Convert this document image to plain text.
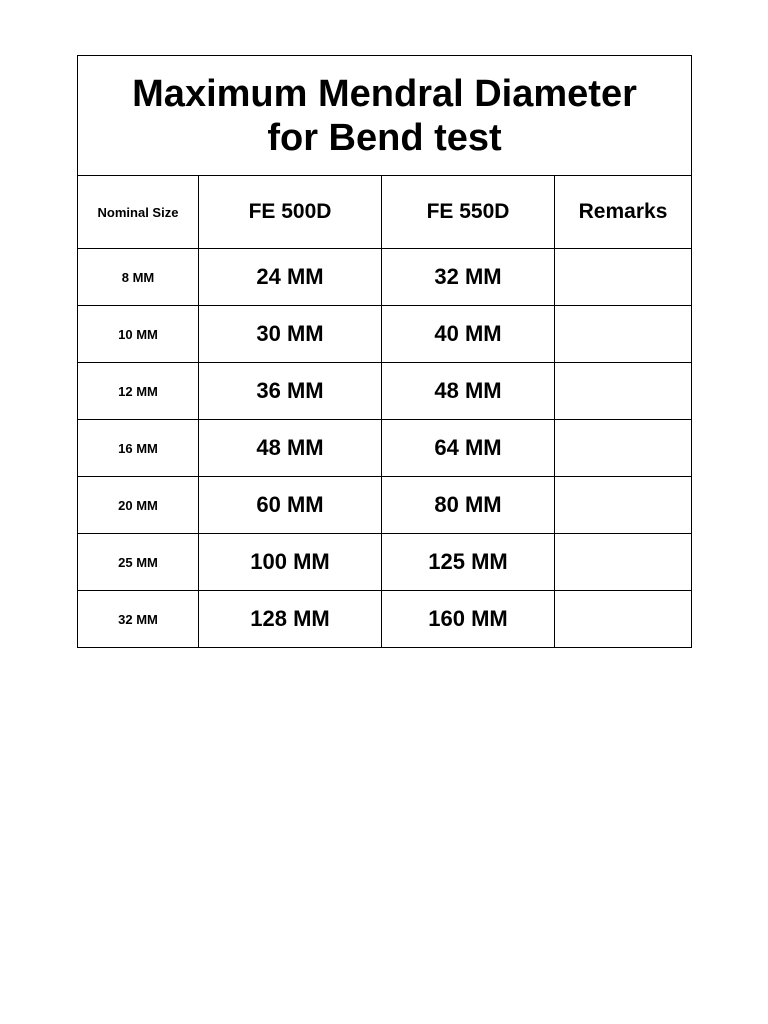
Maximum Mendral Diameter
for Bend test			

Nominal Size	FE 500D	FE 550D	Remarks
8 MM	24 MM	32 MM	
10 MM	30 MM	40 MM	
12 MM	36 MM	48 MM	
16 MM	48 MM	64 MM	
20 MM	60 MM	80 MM	
25 MM	100 MM	125 MM	
32 MM	128 MM	160 MM	
